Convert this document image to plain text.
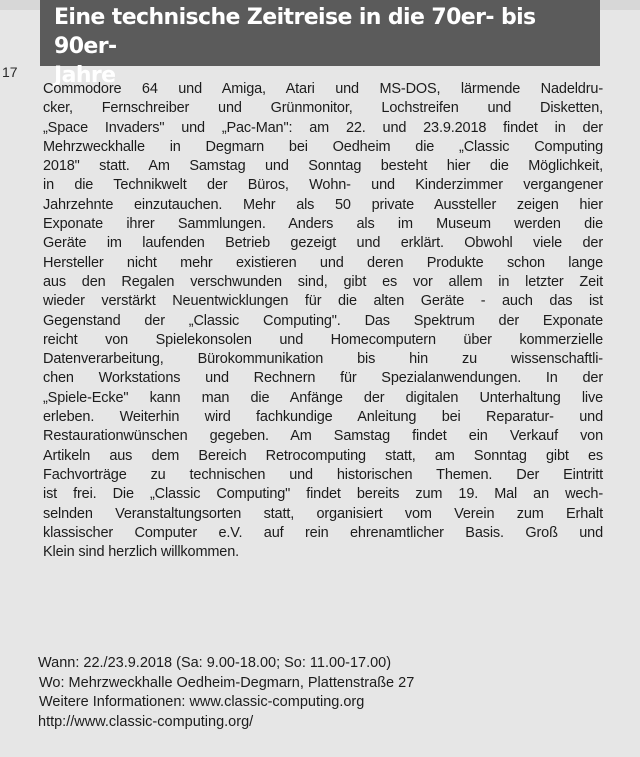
Eine technische Zeitreise in die 70er- bis 90er-
Jahre
17
Commodore 64 und Amiga, Atari und MS-DOS, lärmende Nadeldru-
cker, Fernschreiber und Grünmonitor, Lochstreifen und Disketten,
„Space Invaders" und „Pac-Man": am 22. und 23.9.2018 findet in der
Mehrzweckhalle in Degmarn bei Oedheim die „Classic Computing
2018" statt. Am Samstag und Sonntag besteht hier die Möglichkeit,
in die Technikwelt der Büros, Wohn- und Kinderzimmer vergangener
Jahrzehnte einzutauchen. Mehr als 50 private Aussteller zeigen hier
Exponate ihrer Sammlungen. Anders als im Museum werden die
Geräte im laufenden Betrieb gezeigt und erklärt. Obwohl viele der
Hersteller nicht mehr existieren und deren Produkte schon lange
aus den Regalen verschwunden sind, gibt es vor allem in letzter Zeit
wieder verstärkt Neuentwicklungen für die alten Geräte - auch das ist
Gegenstand der „Classic Computing". Das Spektrum der Exponate
reicht von Spielekonsolen und Homecomputern über kommerzielle
Datenverarbeitung, Bürokommunikation bis hin zu wissenschaftli-
chen Workstations und Rechnern für Spezialanwendungen. In der
„Spiele-Ecke" kann man die Anfänge der digitalen Unterhaltung live
erleben. Weiterhin wird fachkundige Anleitung bei Reparatur- und
Restaurationwünschen gegeben. Am Samstag findet ein Verkauf von
Artikeln aus dem Bereich Retrocomputing statt, am Sonntag gibt es
Fachvorträge zu technischen und historischen Themen. Der Eintritt
ist frei. Die „Classic Computing" findet bereits zum 19. Mal an wech-
selnden Veranstaltungsorten statt, organisiert vom Verein zum Erhalt
klassischer Computer e.V. auf rein ehrenamtlicher Basis. Groß und
Klein sind herzlich willkommen.
Wann: 22./23.9.2018 (Sa: 9.00-18.00; So: 11.00-17.00)
Wo: Mehrzweckhalle Oedheim-Degmarn, Plattenstraße 27
Weitere Informationen: www.classic-computing.org
http://www.classic-computing.org/
